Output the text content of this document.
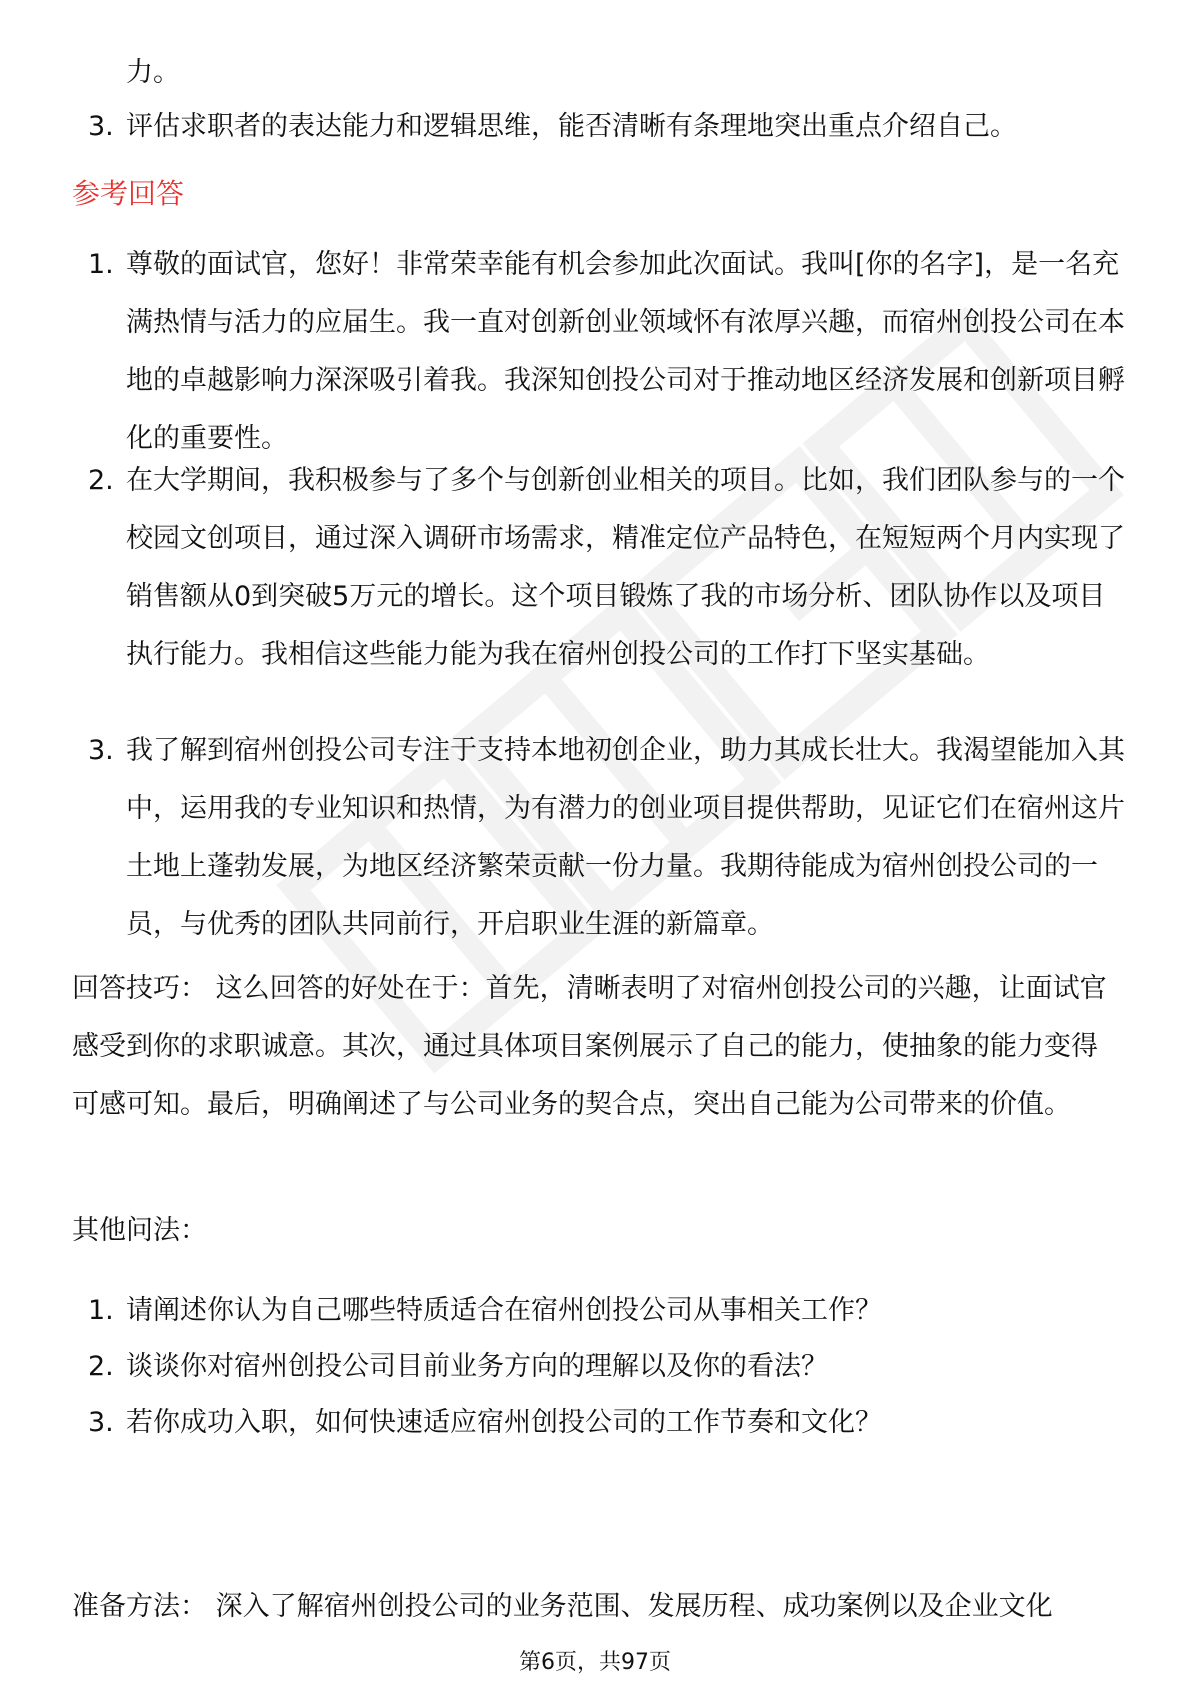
力。
3. 评估求职者的表达能力和逻辑思维，能否清晰有条理地突出重点介绍自己。
参考回答
1. 尊敬的面试官，您好！非常荣幸能有机会参加此次面试。我叫[你的名字]，是一名充满热情与活力的应届生。我一直对创新创业领域怀有浓厚兴趣，而宿州创投公司在本地的卓越影响力深深吸引着我。我深知创投公司对于推动地区经济发展和创新项目孵化的重要性。
2. 在大学期间，我积极参与了多个与创新创业相关的项目。比如，我们团队参与的一个校园文创项目，通过深入调研市场需求，精准定位产品特色，在短短两个月内实现了销售额从0到突破5万元的增长。这个项目锻炼了我的市场分析、团队协作以及项目执行能力。我相信这些能力能为我在宿州创投公司的工作打下坚实基础。
3. 我了解到宿州创投公司专注于支持本地初创企业，助力其成长壮大。我渴望能加入其中，运用我的专业知识和热情，为有潜力的创业项目提供帮助，见证它们在宿州这片土地上蓬勃发展，为地区经济繁荣贡献一份力量。我期待能成为宿州创投公司的一员，与优秀的团队共同前行，开启职业生涯的新篇章。
回答技巧： 这么回答的好处在于：首先，清晰表明了对宿州创投公司的兴趣，让面试官感受到你的求职诚意。其次，通过具体项目案例展示了自己的能力，使抽象的能力变得可感可知。最后，明确阐述了与公司业务的契合点，突出自己能为公司带来的价值。
其他问法：
1. 请阐述你认为自己哪些特质适合在宿州创投公司从事相关工作？
2. 谈谈你对宿州创投公司目前业务方向的理解以及你的看法？
3. 若你成功入职，如何快速适应宿州创投公司的工作节奏和文化？
准备方法： 深入了解宿州创投公司的业务范围、发展历程、成功案例以及企业文化
第6页，共97页
